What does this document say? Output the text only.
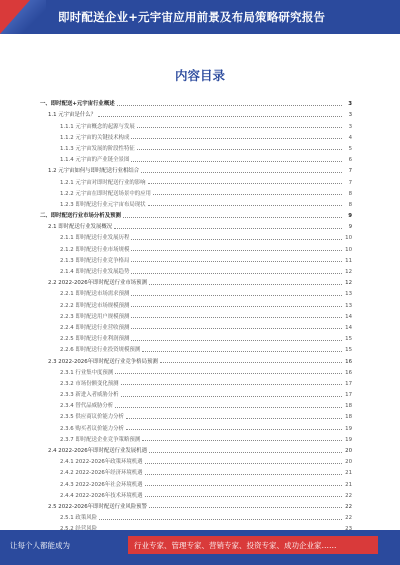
即时配送企业+元宇宙应用前景及布局策略研究报告
内容目录
一、即时配送+元宇宙行业概述	3
1.1 元宇宙是什么？	3
1.1.1 元宇宙概念的起源与发展	3
1.1.2 元宇宙的关键技术构成	4
1.1.3 元宇宙发展的阶段性特征	5
1.1.4 元宇宙的产业链全景图	6
1.2 元宇宙如何与即时配送行业相结合	7
1.2.1 元宇宙对即时配送行业的影响	7
1.2.2 元宇宙在即时配送场景中的应用	8
1.2.3 即时配送行业元宇宙布局现状	8
二、即时配送行业市场分析及预测	9
2.1 即时配送行业发展概况	9
2.1.1 即时配送行业发展历程	10
2.1.2 即时配送行业市场规模	10
2.1.3 即时配送行业竞争格局	11
2.1.4 即时配送行业发展趋势	12
2.2 2022-2026年即时配送行业市场预测	12
2.2.1 即时配送市场需求预测	13
2.2.2 即时配送市场规模预测	13
2.2.3 即时配送用户规模预测	14
2.2.4 即时配送行业营收预测	14
2.2.5 即时配送行业利润预测	15
2.2.6 即时配送行业投资规模预测	15
2.3 2022-2026年即时配送行业竞争格局预测	16
2.3.1 行业集中度预测	16
2.3.2 市场份额变化预测	17
2.3.3 新进入者威胁分析	17
2.3.4 替代品威胁分析	18
2.3.5 供应商议价能力分析	18
2.3.6 购买者议价能力分析	19
2.3.7 即时配送企业竞争策略预测	19
2.4 2022-2026年即时配送行业发展机遇	20
2.4.1 2022-2026年政策环境机遇	20
2.4.2 2022-2026年经济环境机遇	21
2.4.3 2022-2026年社会环境机遇	21
2.4.4 2022-2026年技术环境机遇	22
2.5 2022-2026年即时配送行业风险预警	22
2.5.1 政策风险	22
让每个人都能成为	行业专家、管理专家、营销专家、投资专家、成功企业家……
